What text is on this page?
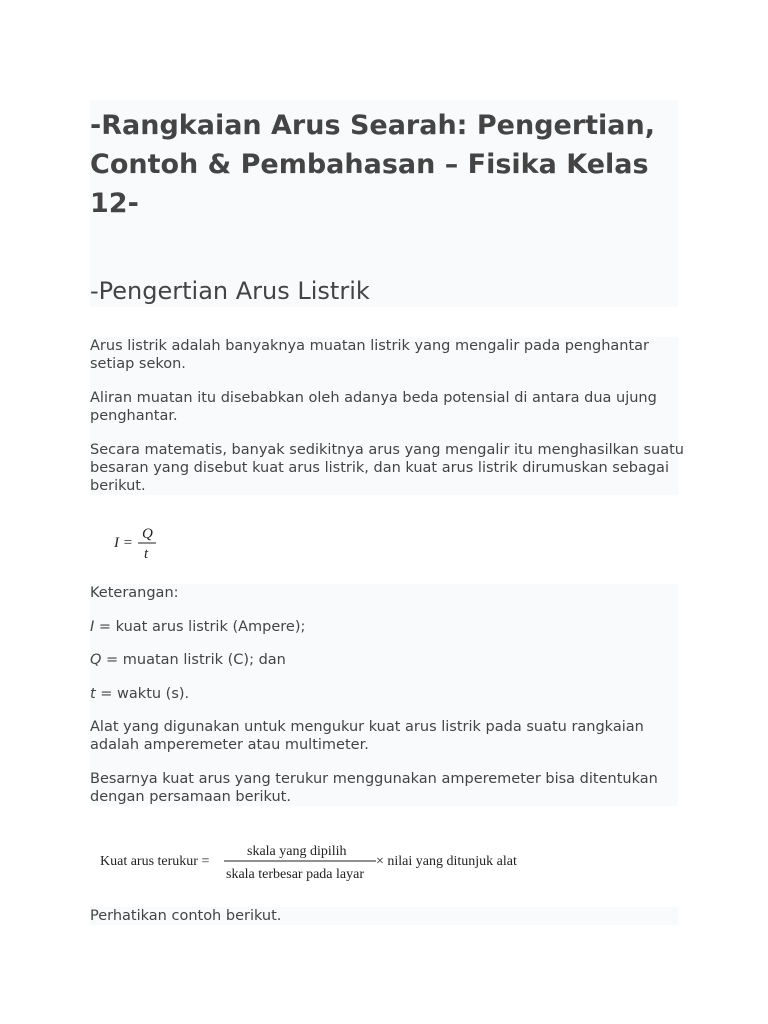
-Rangkaian Arus Searah: Pengertian, Contoh & Pembahasan – Fisika Kelas 12-
-Pengertian Arus Listrik

Arus listrik adalah banyaknya muatan listrik yang mengalir pada penghantar setiap sekon.

Aliran muatan itu disebabkan oleh adanya beda potensial di antara dua ujung penghantar.

Secara matematis, banyak sedikitnya arus yang mengalir itu menghasilkan suatu besaran yang disebut kuat arus listrik, dan kuat arus listrik dirumuskan sebagai berikut.

I =
Q
t

Keterangan:

I = kuat arus listrik (Ampere);

Q = muatan listrik (C); dan

t = waktu (s).

Alat yang digunakan untuk mengukur kuat arus listrik pada suatu rangkaian adalah amperemeter atau multimeter.

Besarnya kuat arus yang terukur menggunakan amperemeter bisa ditentukan dengan persamaan berikut.

Kuat arus terukur =
skala yang dipilih
skala terbesar pada layar
× nilai yang ditunjuk alat

Perhatikan contoh berikut.
